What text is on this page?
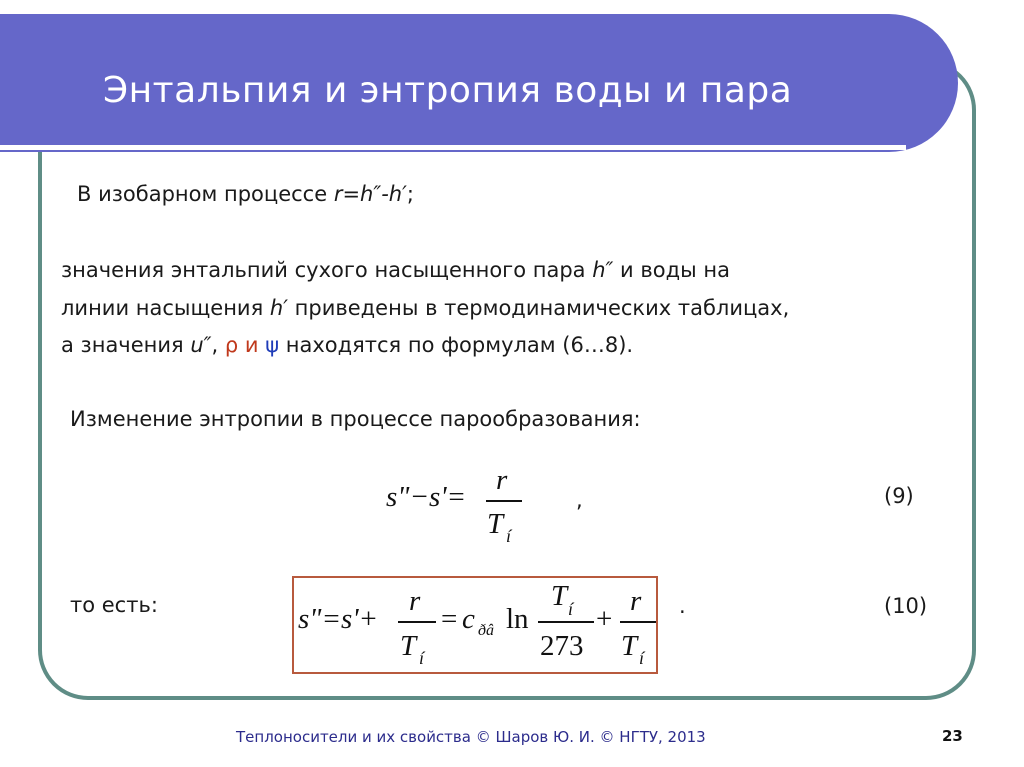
Энтальпия и энтропия воды и пара
В изобарном процессе r=h″-h′;
значения энтальпий сухого насыщенного пара h″ и воды на
линии насыщения h′ приведены в термодинамических таблицах,
а значения u″, ρ и ψ находятся по формулам (6…8).
Изменение энтропии в процессе парообразования:
s"−s'=
r
T í
,	(9)
то есть:	s"=s'+
r
T í
= c ðâ ln
T í
273
+
r
T í
.	(10)
Теплоносители и их свойства © Шаров Ю. И. © НГТУ, 2013	23
